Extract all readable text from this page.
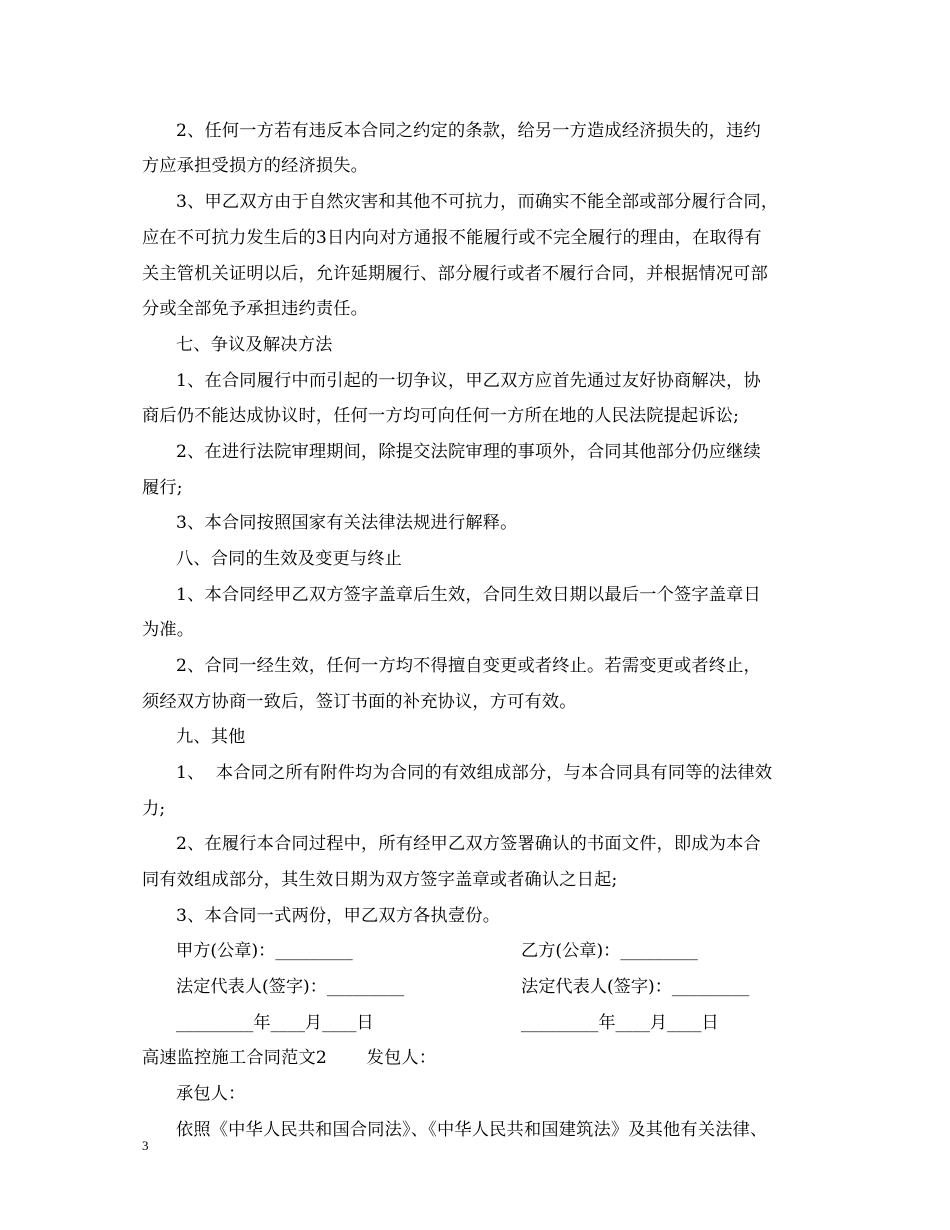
2、任何一方若有违反本合同之约定的条款，给另一方造成经济损失的，违约
方应承担受损方的经济损失。
3、甲乙双方由于自然灾害和其他不可抗力，而确实不能全部或部分履行合同，
应在不可抗力发生后的3日内向对方通报不能履行或不完全履行的理由，在取得有
关主管机关证明以后，允许延期履行、部分履行或者不履行合同，并根据情况可部
分或全部免予承担违约责任。
七、争议及解决方法
1、在合同履行中而引起的一切争议，甲乙双方应首先通过友好协商解决，协
商后仍不能达成协议时，任何一方均可向任何一方所在地的人民法院提起诉讼;
2、在进行法院审理期间，除提交法院审理的事项外，合同其他部分仍应继续
履行;
3、本合同按照国家有关法律法规进行解释。
八、合同的生效及变更与终止
1、本合同经甲乙双方签字盖章后生效，合同生效日期以最后一个签字盖章日
为准。
2、合同一经生效，任何一方均不得擅自变更或者终止。若需变更或者终止，
须经双方协商一致后，签订书面的补充协议，方可有效。
九、其他
1、  本合同之所有附件均为合同的有效组成部分，与本合同具有同等的法律效
力;
2、在履行本合同过程中，所有经甲乙双方签署确认的书面文件，即成为本合
同有效组成部分，其生效日期为双方签字盖章或者确认之日起;
3、本合同一式两份，甲乙双方各执壹份。
甲方(公章)：_________	乙方(公章)：_________
法定代表人(签字)：_________	法定代表人(签字)：_________
_________年____月____日	_________年____月____日
高速监控施工合同范文2       发包人：
承包人：
依照《中华人民共和国合同法》、《中华人民共和国建筑法》及其他有关法律、
3
